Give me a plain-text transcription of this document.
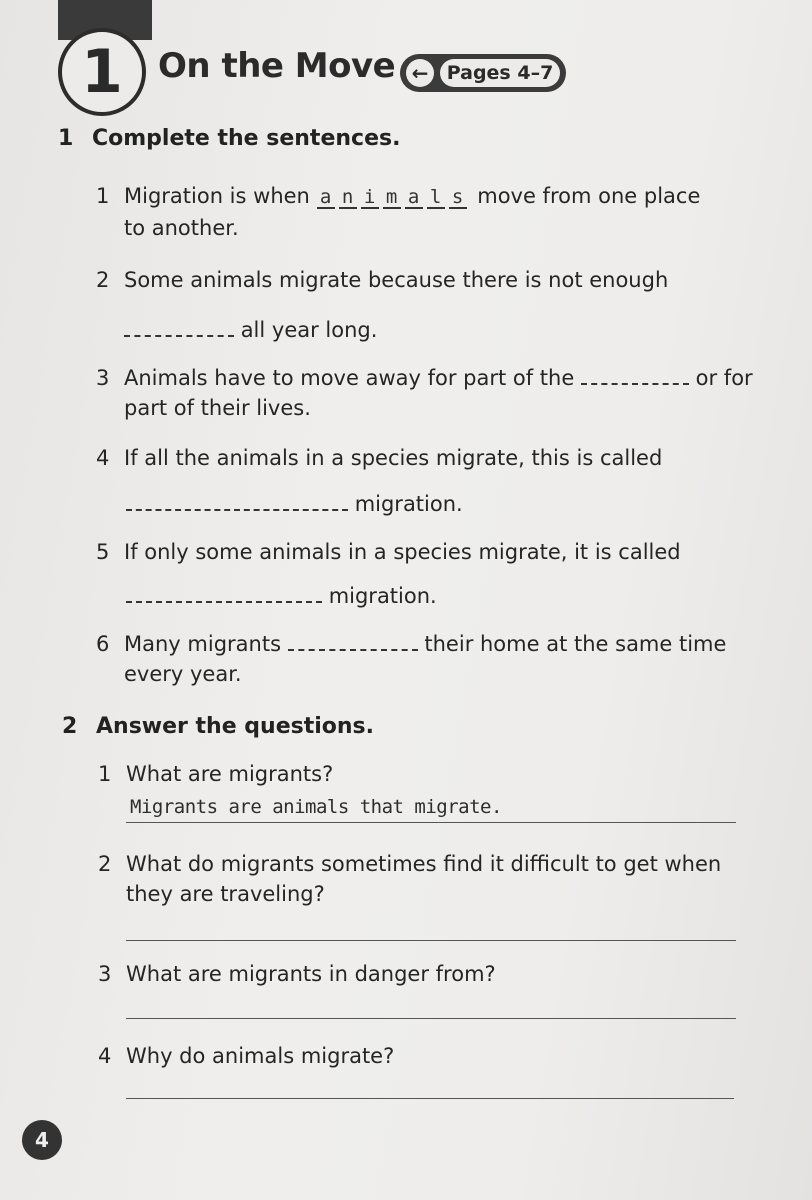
1	On the Move ← Pages 4–7
1 Complete the sentences.
1 Migration is when a n i m a l s move from one place
to another.
2 Some animals migrate because there is not enough
all year long.
3 Animals have to move away for part of the	or for
part of their lives.
4 If all the animals in a species migrate, this is called
migration.
5 If only some animals in a species migrate, it is called
migration.
6 Many migrants	their home at the same time
every year.
2 Answer the questions.
1 What are migrants?
Migrants are animals that migrate.
2 What do migrants sometimes find it difficult to get when
they are traveling?
3 What are migrants in danger from?
4 Why do animals migrate?
4
